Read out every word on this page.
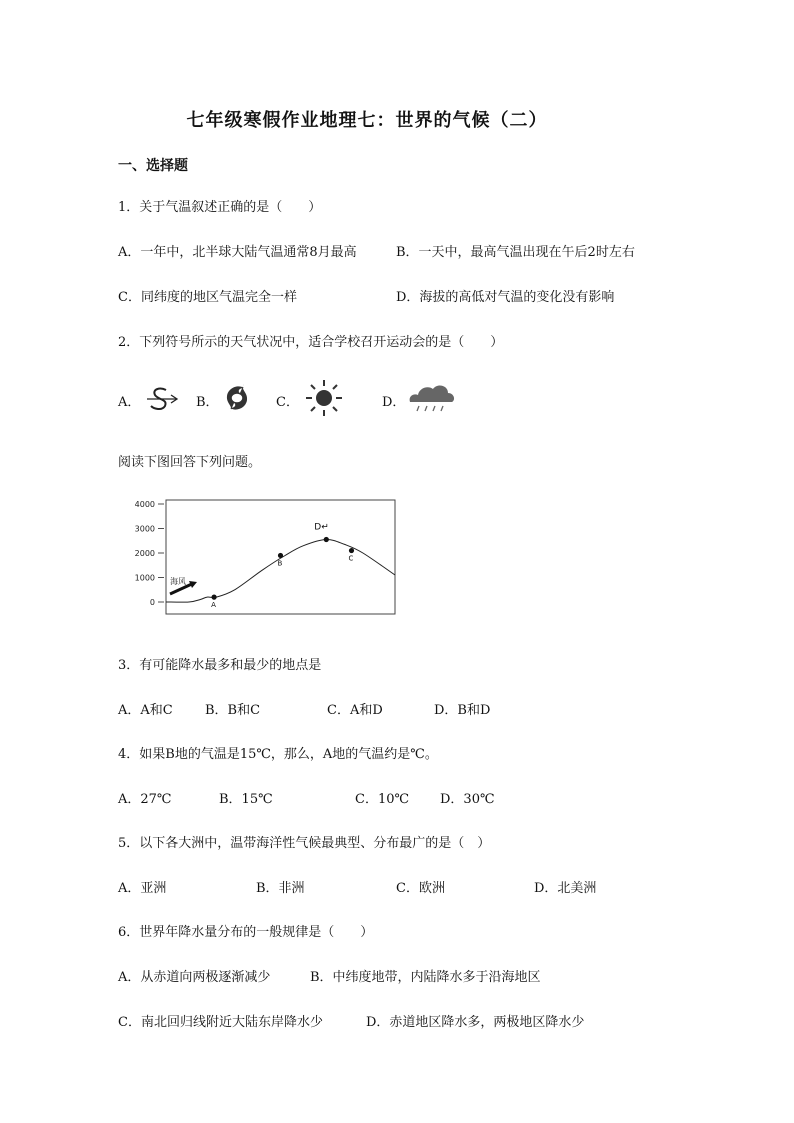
七年级寒假作业地理七：世界的气候（二）
一、选择题
1．关于气温叙述正确的是（　　）
A．一年中，北半球大陆气温通常8月最高	B．一天中，最高气温出现在午后2时左右
C．同纬度的地区气温完全一样	D．海拔的高低对气温的变化没有影响
2．下列符号所示的天气状况中，适合学校召开运动会的是（　　）
A．	B．	C．	D．
阅读下图回答下列问题。
0
1000
2000
3000
4000
A
B
C
D↵
海风
3．有可能降水最多和最少的地点是
A．A和C B．B和C	C．A和D	D．B和D
4．如果B地的气温是15℃，那么，A地的气温约是℃。
A．27℃	B．15℃	C．10℃ D．30℃
5．以下各大洲中，温带海洋性气候最典型、分布最广的是（　）
A．亚洲	B．非洲	C．欧洲	D．北美洲
6．世界年降水量分布的一般规律是（　　）
A．从赤道向两极逐渐减少	B．中纬度地带，内陆降水多于沿海地区
C．南北回归线附近大陆东岸降水少	D．赤道地区降水多，两极地区降水少
